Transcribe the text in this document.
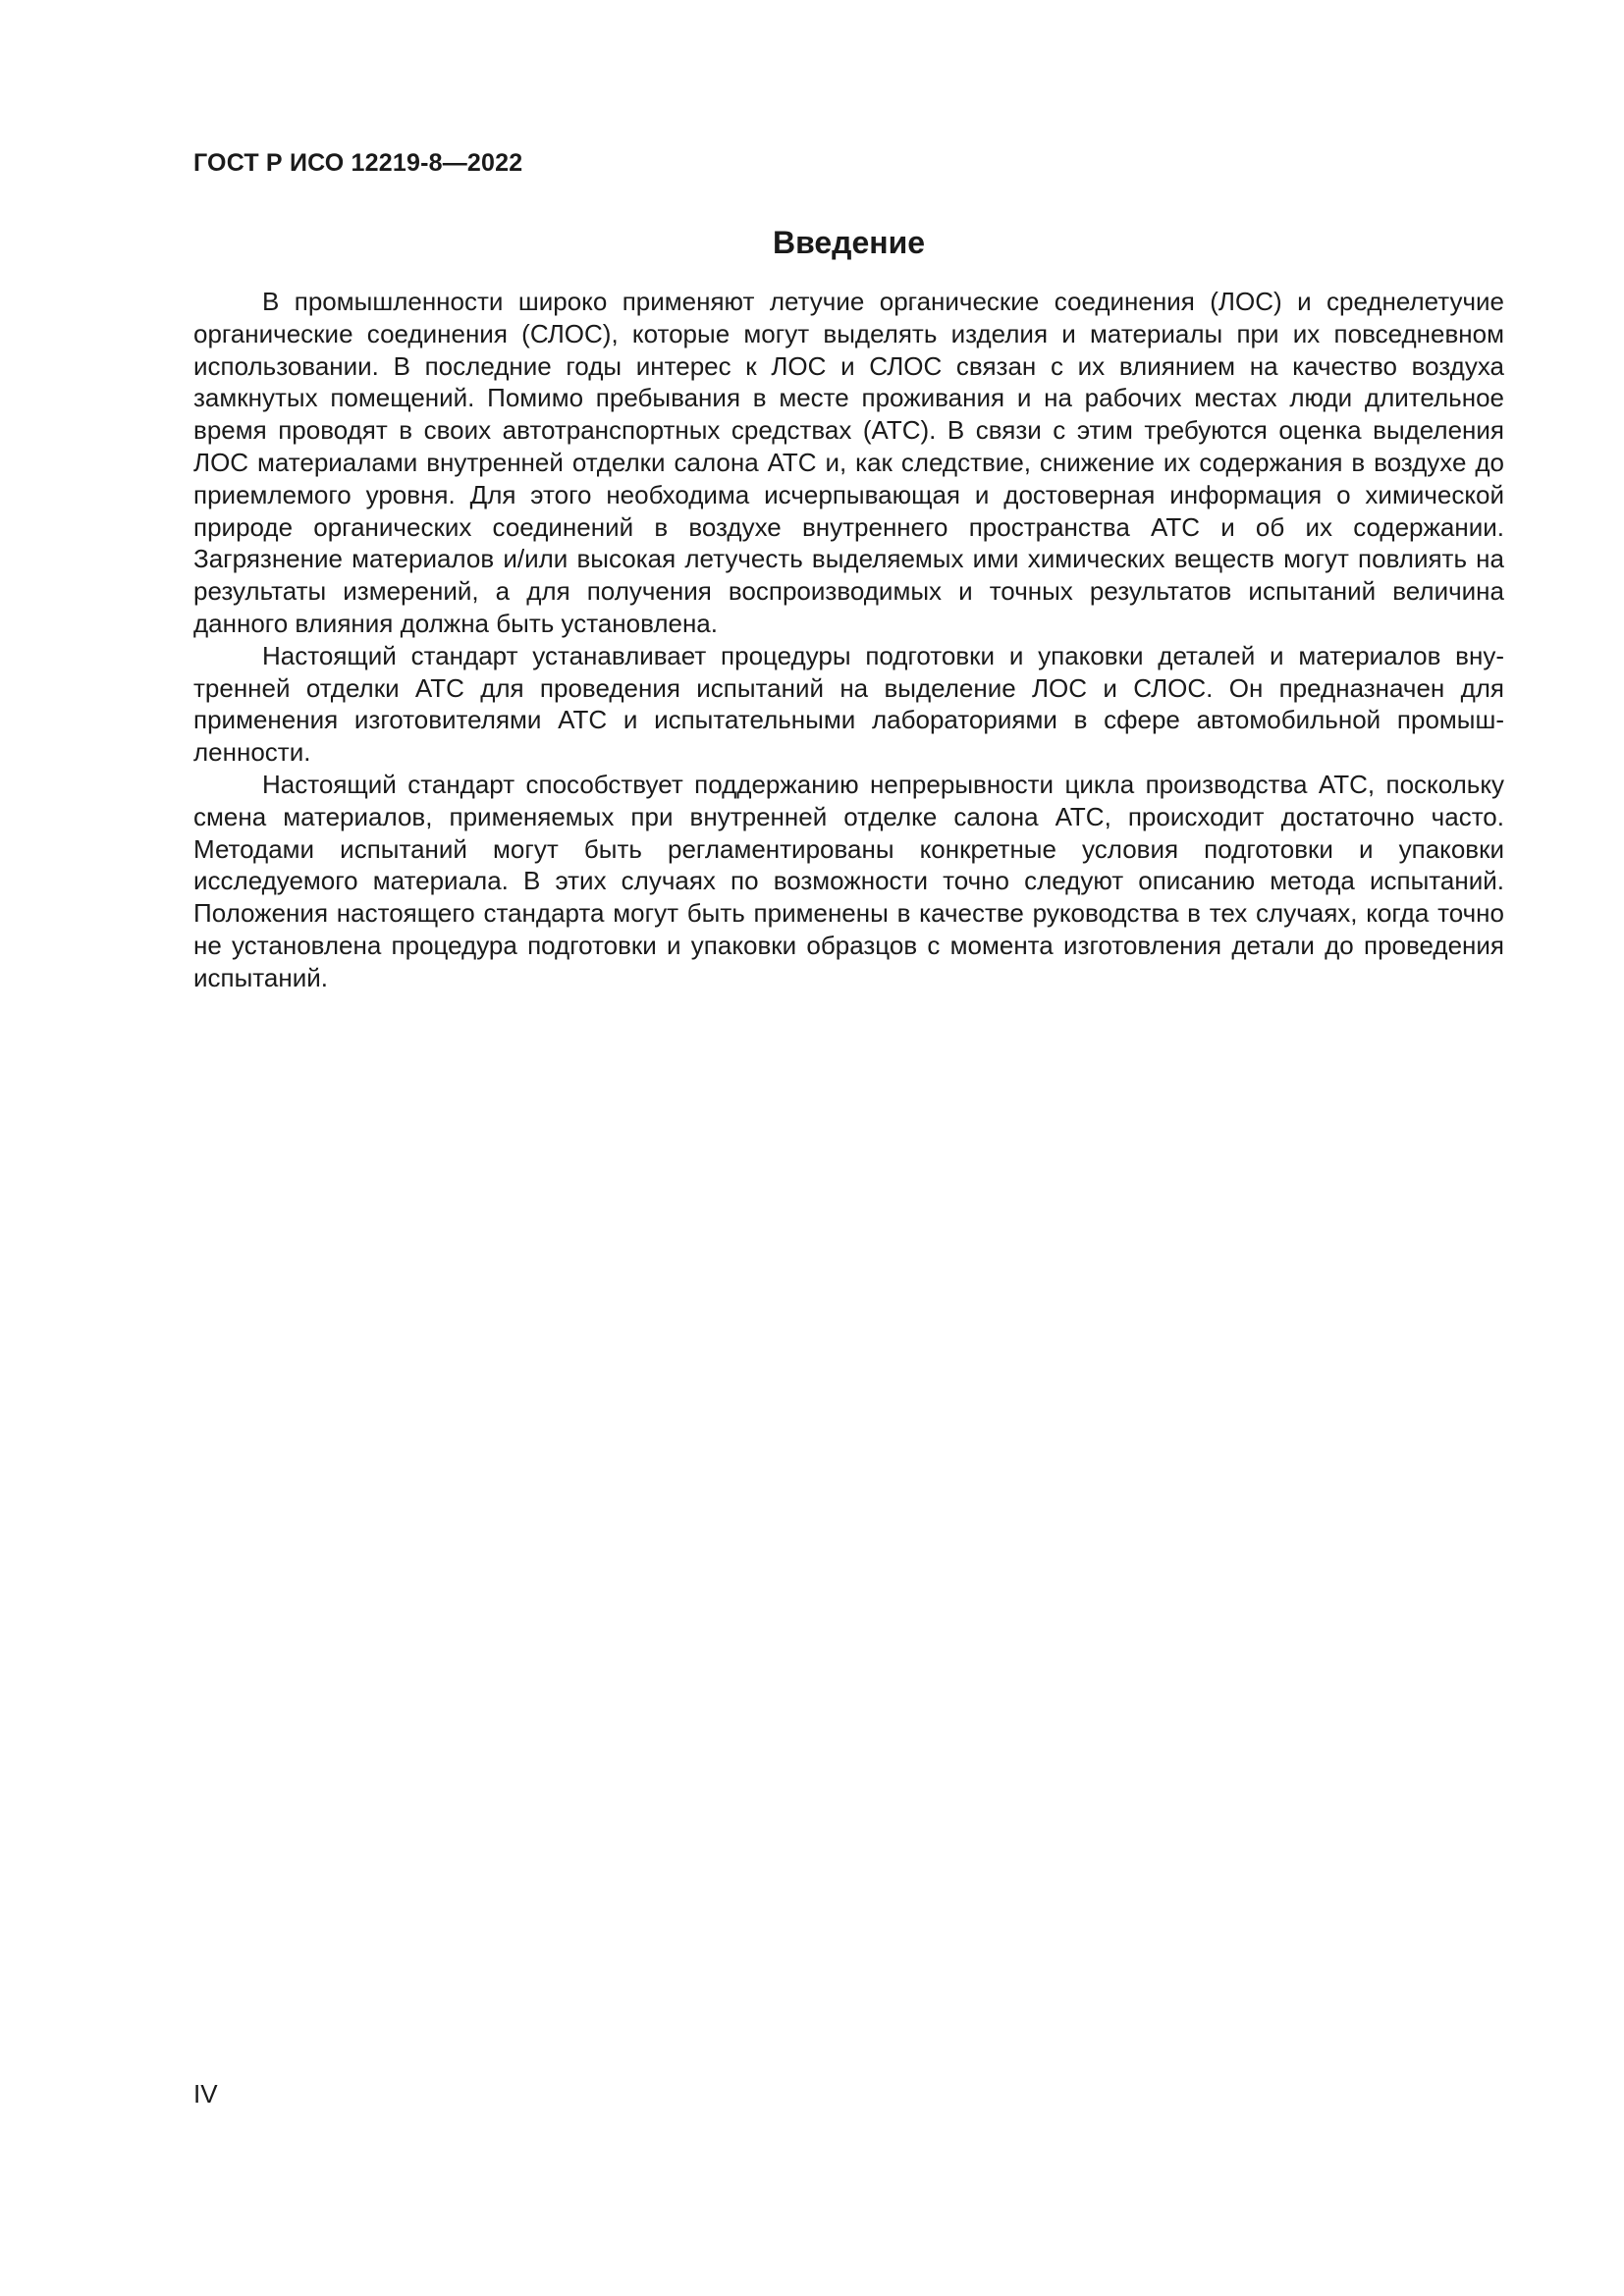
ГОСТ Р ИСО 12219-8—2022
Введение

В промышленности широко применяют летучие органические соединения (ЛОС) и среднелетучие органические соединения (СЛОС), которые могут выделять изделия и материалы при их повседневном использовании. В последние годы интерес к ЛОС и СЛОС связан с их влиянием на качество воздуха замкнутых помещений. Помимо пребывания в месте проживания и на рабочих местах люди длительное время проводят в своих автотранспортных средствах (АТС). В связи с этим требуются оценка выделения ЛОС материалами внутренней отделки салона АТС и, как следствие, снижение их содержания в воздухе до приемлемого уровня. Для этого необходима исчерпывающая и достоверная информация о химической природе органических соединений в воздухе внутреннего пространства АТС и об их содержании. Загрязнение материалов и/или высокая летучесть выделяемых ими химических веществ могут повлиять на результаты измерений, а для получения воспроизводимых и точных результатов испытаний величина данного влияния должна быть установлена.

Настоящий стандарт устанавливает процедуры подготовки и упаковки деталей и материалов внутренней отделки АТС для проведения испытаний на выделение ЛОС и СЛОС. Он предназначен для применения изготовителями АТС и испытательными лабораториями в сфере автомобильной промышленности.

Настоящий стандарт способствует поддержанию непрерывности цикла производства АТС, поскольку смена материалов, применяемых при внутренней отделке салона АТС, происходит достаточно часто. Методами испытаний могут быть регламентированы конкретные условия подготовки и упаковки исследуемого материала. В этих случаях по возможности точно следуют описанию метода испытаний. Положения настоящего стандарта могут быть применены в качестве руководства в тех случаях, когда точно не установлена процедура подготовки и упаковки образцов с момента изготовления детали до проведения испытаний.

IV
